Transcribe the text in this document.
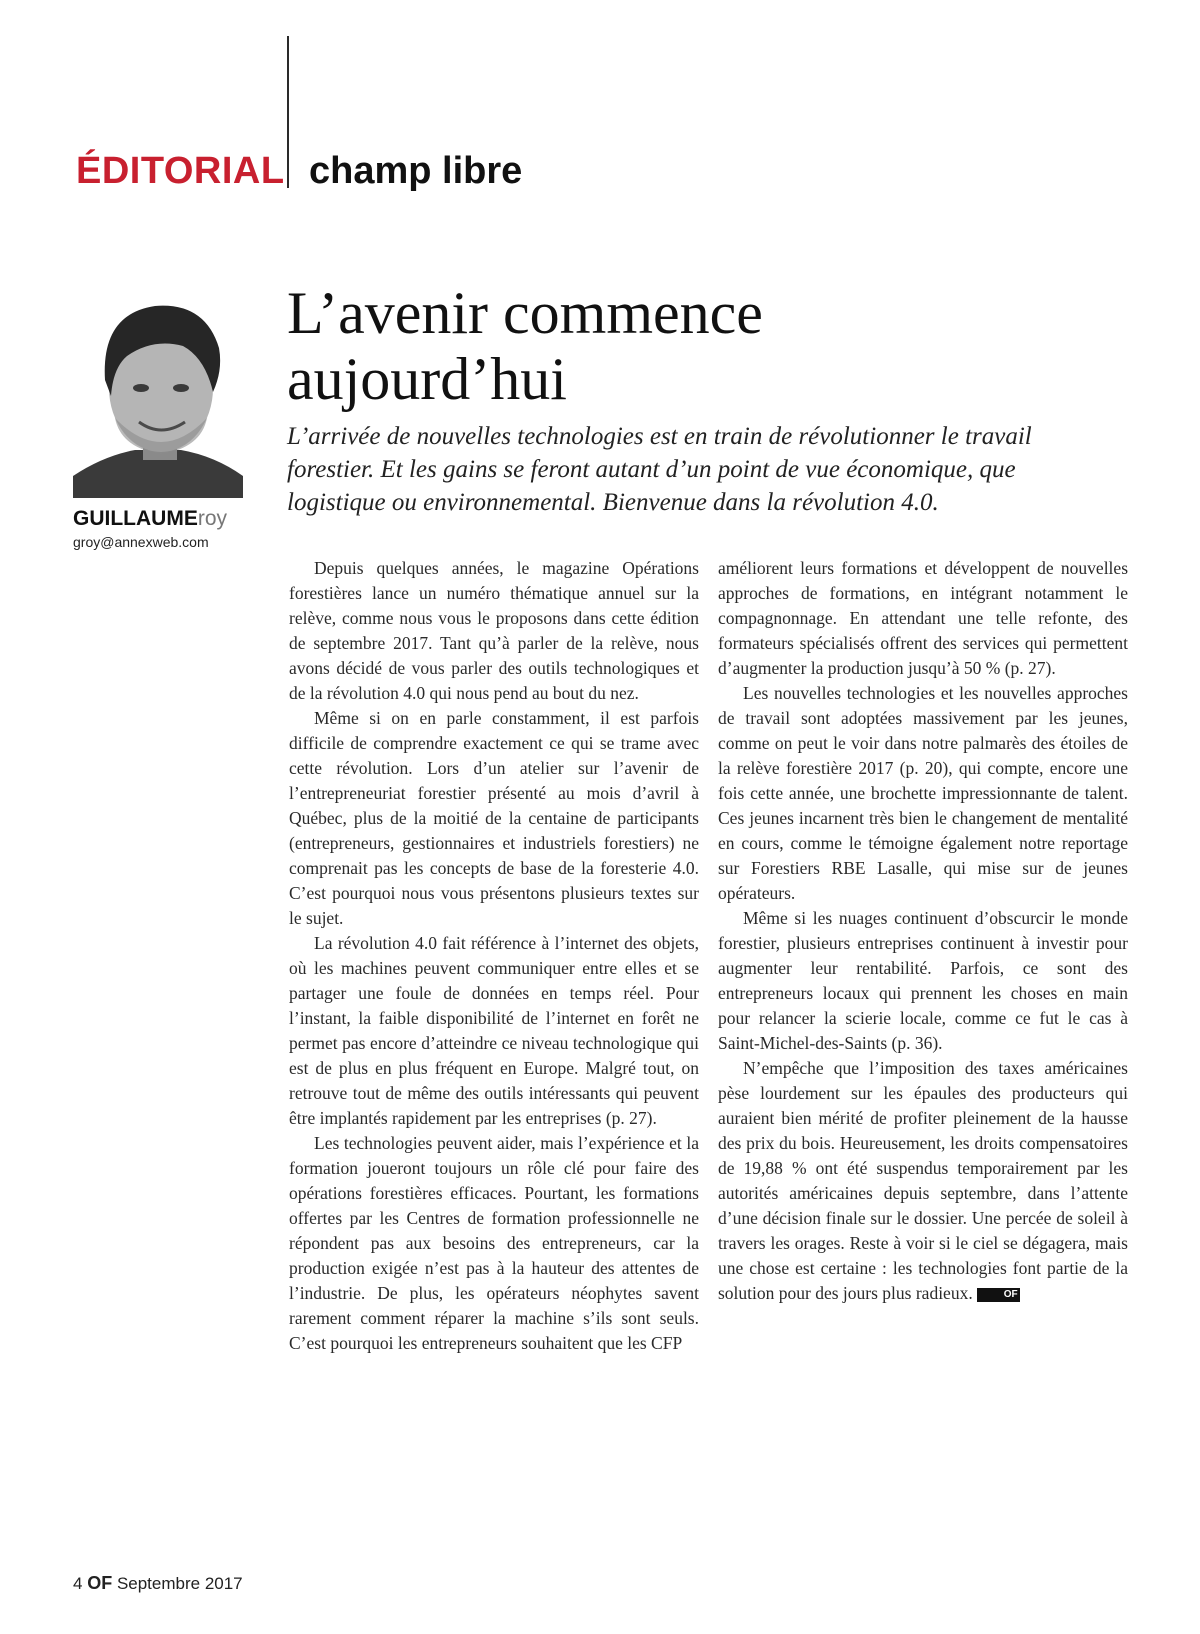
ÉDITORIAL champ libre
GUILLAUMEroy
groy@annexweb.com
L’avenir commence
aujourd’hui
L’arrivée de nouvelles technologies est en train de révolutionner le travail forestier. Et les gains se feront autant d’un point de vue économique, que logistique ou environnemental. Bienvenue dans la révolution 4.0.

Depuis quelques années, le magazine Opérations forestières lance un numéro thématique annuel sur la relève, comme nous vous le proposons dans cette édition de septembre 2017. Tant qu’à parler de la relève, nous avons décidé de vous parler des outils technologiques et de la révolution 4.0 qui nous pend au bout du nez.

Même si on en parle constamment, il est parfois difficile de comprendre exactement ce qui se trame avec cette révolution. Lors d’un atelier sur l’avenir de l’entrepreneuriat forestier présenté au mois d’avril à Québec, plus de la moitié de la centaine de participants (entrepreneurs, gestionnaires et industriels forestiers) ne comprenait pas les concepts de base de la foresterie 4.0. C’est pourquoi nous vous présentons plusieurs textes sur le sujet.

La révolution 4.0 fait référence à l’internet des objets, où les machines peuvent communiquer entre elles et se partager une foule de données en temps réel. Pour l’instant, la faible disponibilité de l’internet en forêt ne permet pas encore d’atteindre ce niveau technologique qui est de plus en plus fréquent en Europe. Malgré tout, on retrouve tout de même des outils intéressants qui peuvent être implantés rapidement par les entreprises (p. 27).

Les technologies peuvent aider, mais l’expérience et la formation joueront toujours un rôle clé pour faire des opérations forestières efficaces. Pourtant, les formations offertes par les Centres de formation professionnelle ne répondent pas aux besoins des entrepreneurs, car la production exigée n’est pas à la hauteur des attentes de l’industrie. De plus, les opérateurs néophytes savent rarement comment réparer la machine s’ils sont seuls. C’est pourquoi les entrepreneurs souhaitent que les CFP

améliorent leurs formations et développent de nouvelles approches de formations, en intégrant notamment le compagnonnage. En attendant une telle refonte, des formateurs spécialisés offrent des services qui permettent d’augmenter la production jusqu’à 50 % (p. 27).

Les nouvelles technologies et les nouvelles approches de travail sont adoptées massivement par les jeunes, comme on peut le voir dans notre palmarès des étoiles de la relève forestière 2017 (p. 20), qui compte, encore une fois cette année, une brochette impressionnante de talent. Ces jeunes incarnent très bien le changement de mentalité en cours, comme le témoigne également notre reportage sur Forestiers RBE Lasalle, qui mise sur de jeunes opérateurs.

Même si les nuages continuent d’obscurcir le monde forestier, plusieurs entreprises continuent à investir pour augmenter leur rentabilité. Parfois, ce sont des entrepreneurs locaux qui prennent les choses en main pour relancer la scierie locale, comme ce fut le cas à Saint-Michel-des-Saints (p. 36).

N’empêche que l’imposition des taxes américaines pèse lourdement sur les épaules des producteurs qui auraient bien mérité de profiter pleinement de la hausse des prix du bois. Heureusement, les droits compensatoires de 19,88 % ont été suspendus temporairement par les autorités américaines depuis septembre, dans l’attente d’une décision finale sur le dossier. Une percée de soleil à travers les orages. Reste à voir si le ciel se dégagera, mais une chose est certaine : les technologies font partie de la solution pour des jours plus radieux.	OF

4 OF Septembre 2017
